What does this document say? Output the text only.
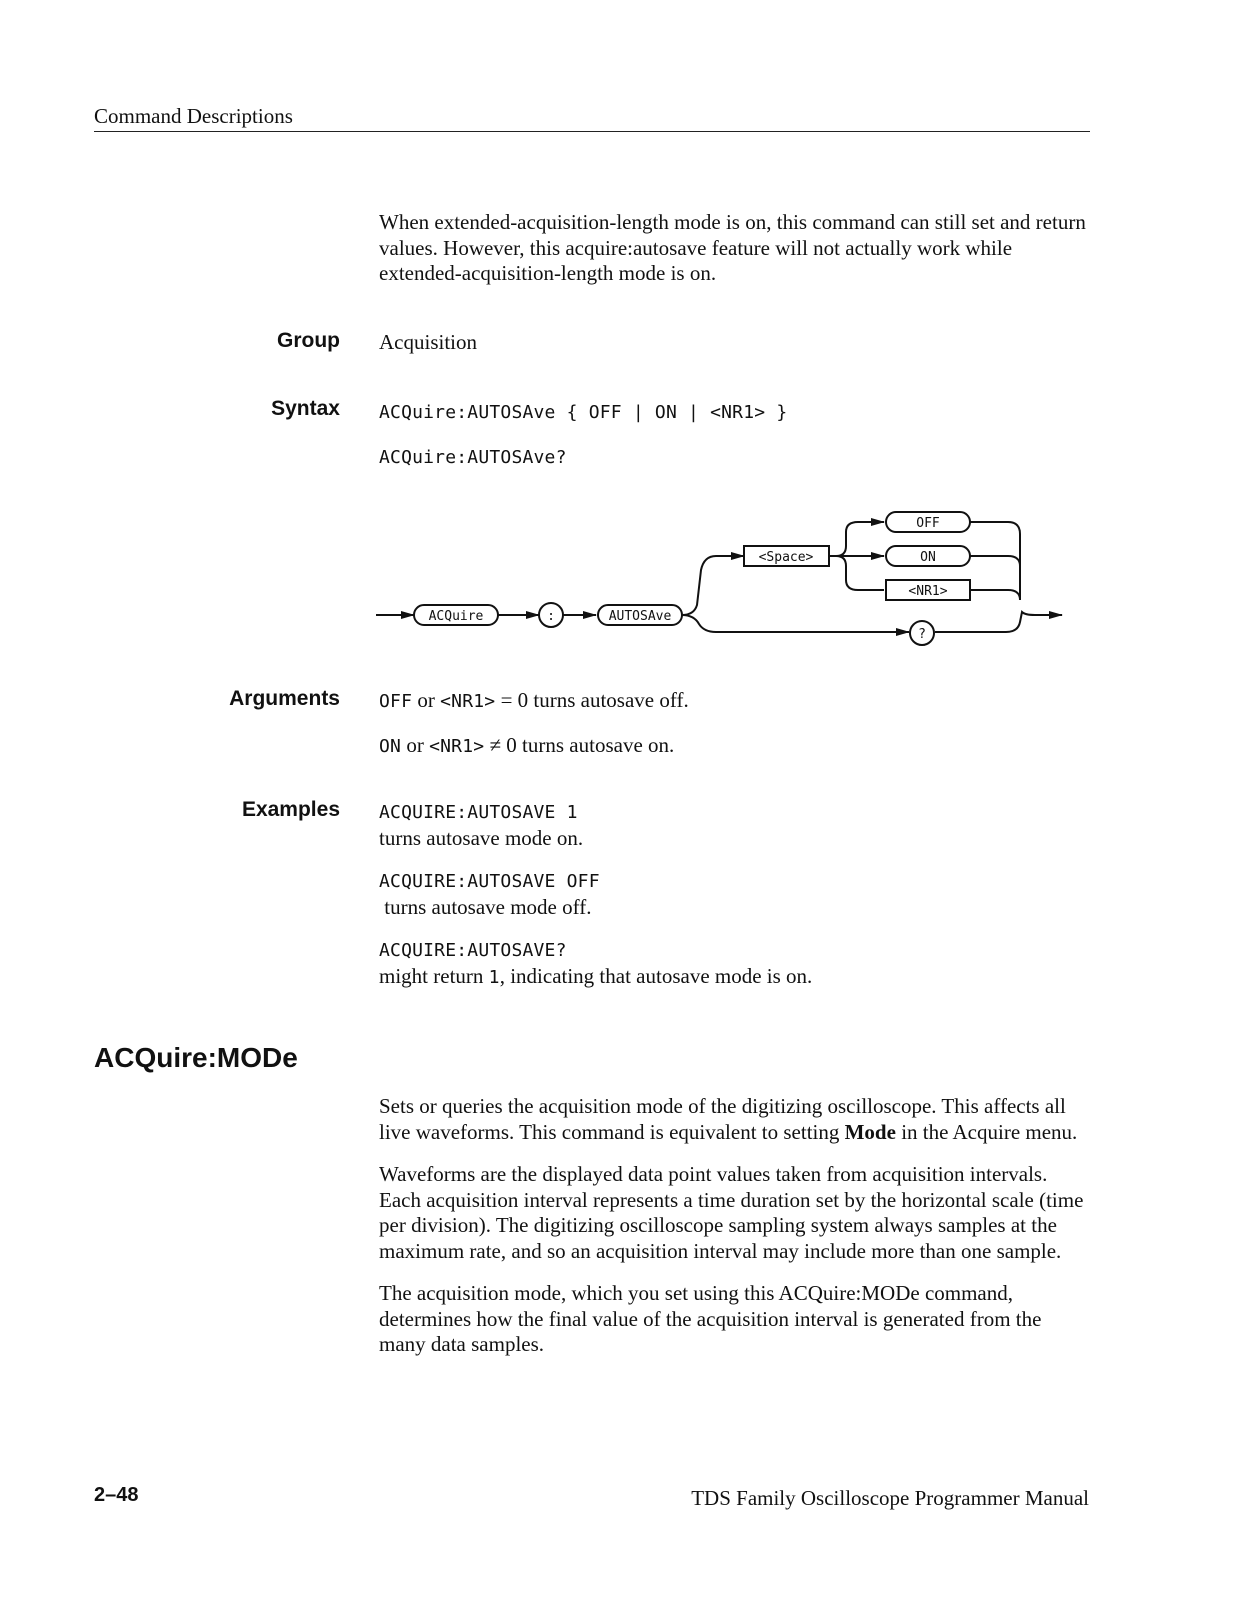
Command Descriptions

When extended-acquisition-length mode is on, this command can still set and return values. However, this acquire:autosave feature will not actually work while extended-acquisition-length mode is on.

Group Acquisition
Syntax ACQuire:AUTOSAve { OFF | ON | <NR1> }
ACQuire:AUTOSAve?
ACQuire	:	AUTOSAve
<Space>
OFF
ON
<NR1>
?
Arguments OFF or <NR1> = 0 turns autosave off.
ON or <NR1> ≠ 0 turns autosave on.
Examples ACQUIRE:AUTOSAVE 1
turns autosave mode on.
ACQUIRE:AUTOSAVE OFF
turns autosave mode off.
ACQUIRE:AUTOSAVE?
might return 1, indicating that autosave mode is on.
ACQuire:MODe

Sets or queries the acquisition mode of the digitizing oscilloscope. This affects all live waveforms. This command is equivalent to setting Mode in the Acquire menu.

Waveforms are the displayed data point values taken from acquisition intervals. Each acquisition interval represents a time duration set by the horizontal scale (time per division). The digitizing oscilloscope sampling system always samples at the maximum rate, and so an acquisition interval may include more than one sample.

The acquisition mode, which you set using this ACQuire:MODe command, determines how the final value of the acquisition interval is generated from the many data samples.

2–48	TDS Family Oscilloscope Programmer Manual
